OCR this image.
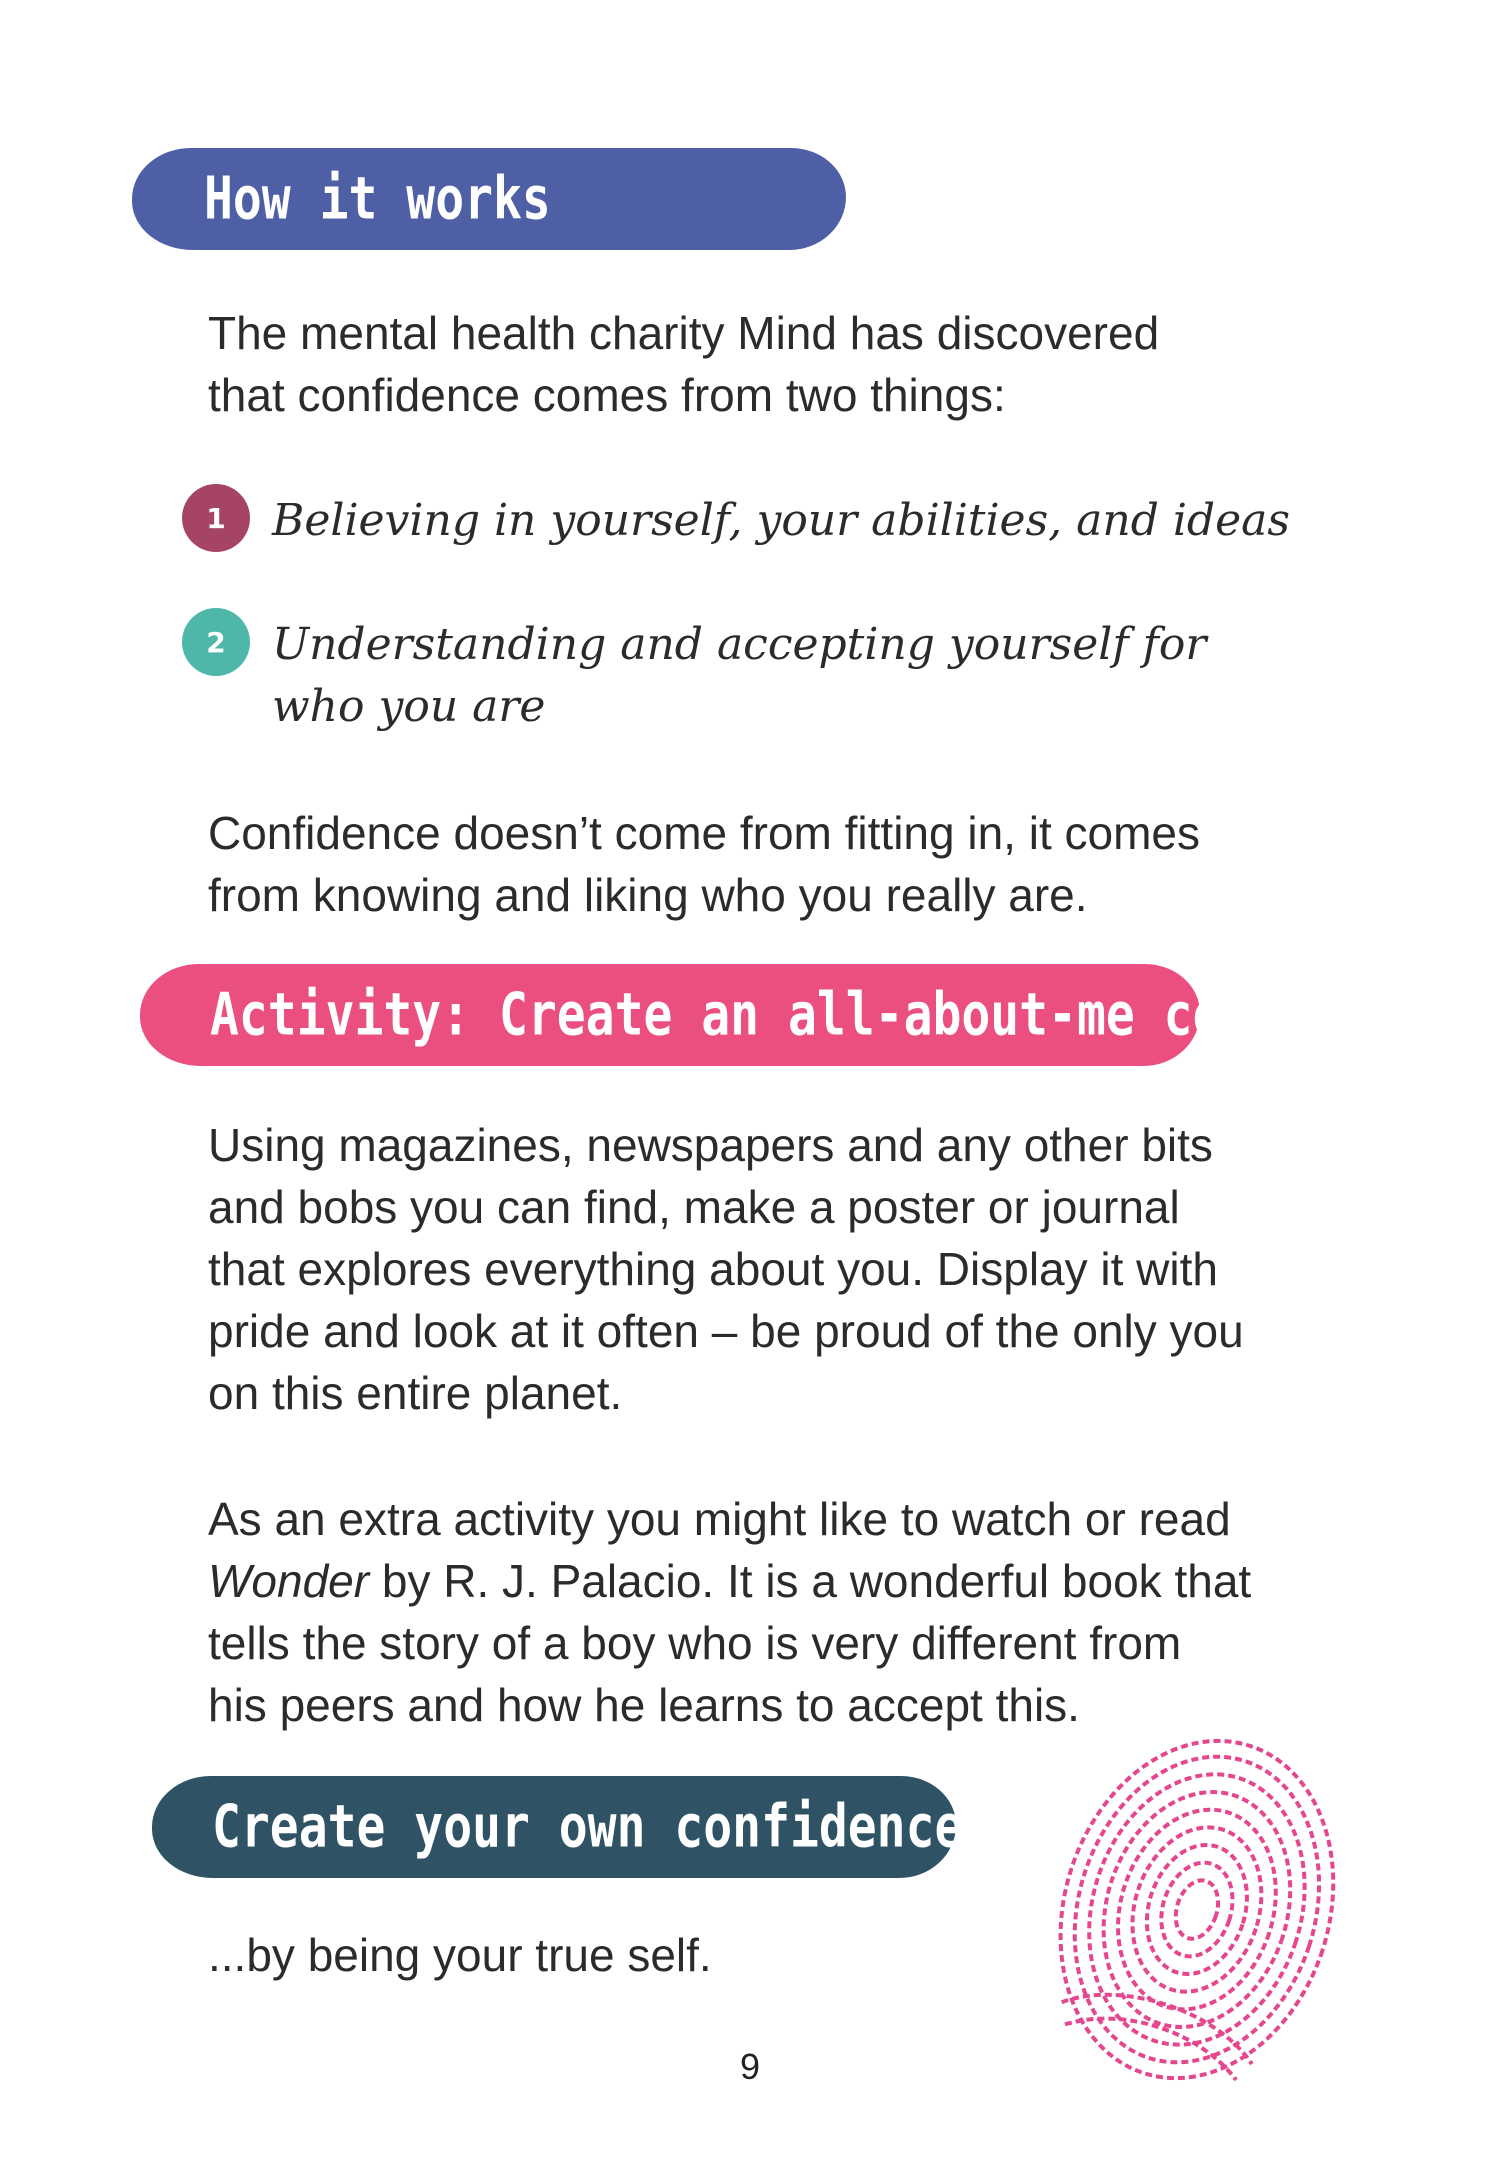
How it works

The mental health charity Mind has discovered
that confidence comes from two things:

1 Believing in yourself, your abilities, and ideas
2 Understanding and accepting yourself for
who you are

Confidence doesn’t come from fitting in, it comes
from knowing and liking who you really are.

Activity: Create an all-about-me collage

Using magazines, newspapers and any other bits
and bobs you can find, make a poster or journal
that explores everything about you. Display it with
pride and look at it often – be proud of the only you
on this entire planet.

As an extra activity you might like to watch or read
Wonder by R. J. Palacio. It is a wonderful book that
tells the story of a boy who is very different from
his peers and how he learns to accept this.

Create your own confidence...

...by being your true self.

9
